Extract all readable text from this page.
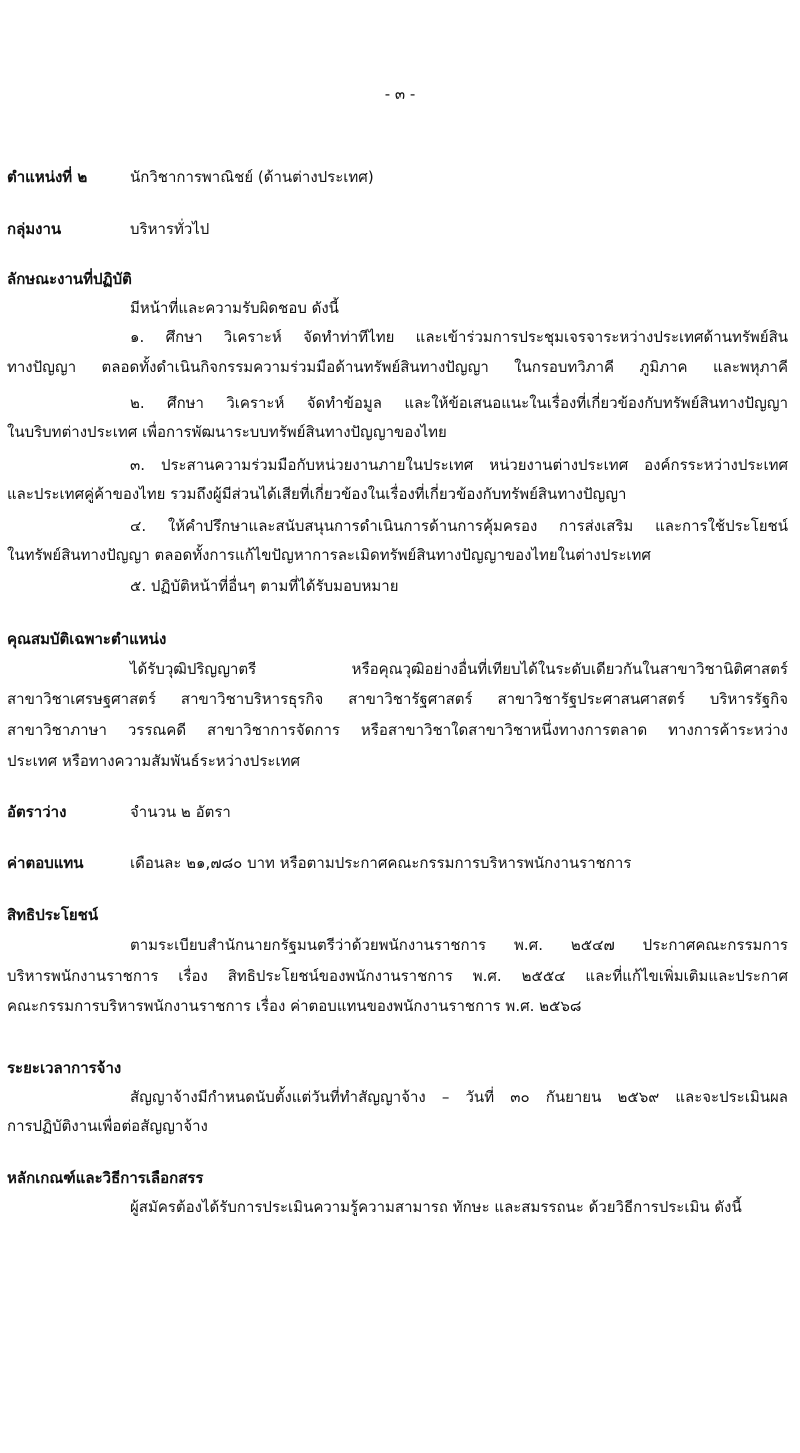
- ๓ -
ตำแหน่งที่ ๒	นักวิชาการพาณิชย์ (ด้านต่างประเทศ)
กลุ่มงาน	บริหารทั่วไป
ลักษณะงานที่ปฏิบัติ
มีหน้าที่และความรับผิดชอบ ดังนี้
๑. ศึกษา วิเคราะห์ จัดทำท่าทีไทย และเข้าร่วมการประชุมเจรจาระหว่างประเทศด้านทรัพย์สิน
ทางปัญญา ตลอดทั้งดำเนินกิจกรรมความร่วมมือด้านทรัพย์สินทางปัญญา ในกรอบทวิภาคี ภูมิภาค และพหุภาคี
๒. ศึกษา วิเคราะห์ จัดทำข้อมูล และให้ข้อเสนอแนะในเรื่องที่เกี่ยวข้องกับทรัพย์สินทางปัญญา
ในบริบทต่างประเทศ เพื่อการพัฒนาระบบทรัพย์สินทางปัญญาของไทย
๓. ประสานความร่วมมือกับหน่วยงานภายในประเทศ หน่วยงานต่างประเทศ องค์กรระหว่างประเทศ
และประเทศคู่ค้าของไทย รวมถึงผู้มีส่วนได้เสียที่เกี่ยวข้องในเรื่องที่เกี่ยวข้องกับทรัพย์สินทางปัญญา
๔. ให้คำปรึกษาและสนับสนุนการดำเนินการด้านการคุ้มครอง การส่งเสริม และการใช้ประโยชน์
ในทรัพย์สินทางปัญญา ตลอดทั้งการแก้ไขปัญหาการละเมิดทรัพย์สินทางปัญญาของไทยในต่างประเทศ
๕. ปฏิบัติหน้าที่อื่นๆ ตามที่ได้รับมอบหมาย
คุณสมบัติเฉพาะตำแหน่ง
ได้รับวุฒิปริญญาตรี หรือคุณวุฒิอย่างอื่นที่เทียบได้ในระดับเดียวกันในสาขาวิชานิติศาสตร์
สาขาวิชาเศรษฐศาสตร์ สาขาวิชาบริหารธุรกิจ สาขาวิชารัฐศาสตร์ สาขาวิชารัฐประศาสนศาสตร์ บริหารรัฐกิจ
สาขาวิชาภาษา วรรณคดี สาขาวิชาการจัดการ หรือสาขาวิชาใดสาขาวิชาหนึ่งทางการตลาด ทางการค้าระหว่าง
ประเทศ หรือทางความสัมพันธ์ระหว่างประเทศ
อัตราว่าง	จำนวน ๒ อัตรา
ค่าตอบแทน	เดือนละ ๒๑,๗๘๐ บาท หรือตามประกาศคณะกรรมการบริหารพนักงานราชการ
สิทธิประโยชน์
ตามระเบียบสำนักนายกรัฐมนตรีว่าด้วยพนักงานราชการ พ.ศ. ๒๕๔๗ ประกาศคณะกรรมการ
บริหารพนักงานราชการ เรื่อง สิทธิประโยชน์ของพนักงานราชการ พ.ศ. ๒๕๕๔ และที่แก้ไขเพิ่มเติมและประกาศ
คณะกรรมการบริหารพนักงานราชการ เรื่อง ค่าตอบแทนของพนักงานราชการ พ.ศ. ๒๕๖๘
ระยะเวลาการจ้าง
สัญญาจ้างมีกำหนดนับตั้งแต่วันที่ทำสัญญาจ้าง – วันที่ ๓๐ กันยายน ๒๕๖๙ และจะประเมินผล
การปฏิบัติงานเพื่อต่อสัญญาจ้าง
หลักเกณฑ์และวิธีการเลือกสรร
ผู้สมัครต้องได้รับการประเมินความรู้ความสามารถ ทักษะ และสมรรถนะ ด้วยวิธีการประเมิน ดังนี้
